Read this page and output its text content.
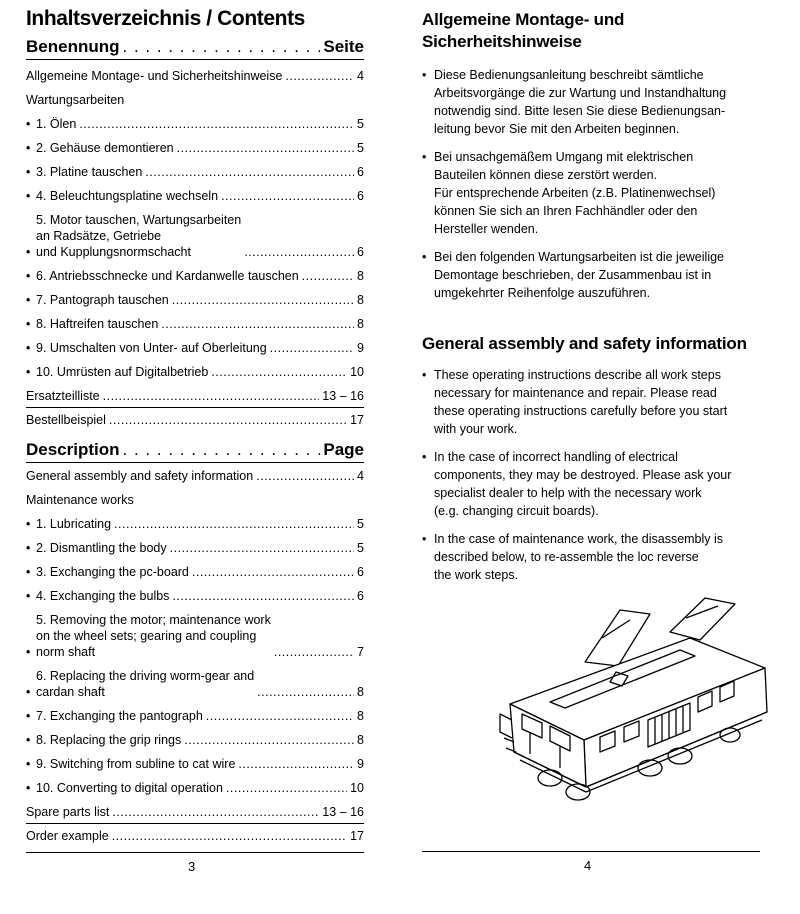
Inhaltsverzeichnis / Contents
Benennung . . .	Seite
Allgemeine Montage- und Sicherheitshinweise .....	4
Wartungsarbeiten
• 1. Ölen .....	5
• 2. Gehäuse demontieren .....	5
• 3. Platine tauschen .....	6
• 4. Beleuchtungsplatine wechseln .....	6
•
5. Motor tauschen, Wartungsarbeiten
an Radsätze, Getriebe
und Kupplungsnormschacht .....	6
• 6. Antriebsschnecke und Kardanwelle tauschen .....	8
• 7. Pantograph tauschen .....	8
• 8. Haftreifen tauschen .....	8
• 9. Umschalten von Unter- auf Oberleitung .....	9
• 10. Umrüsten auf Digitalbetrieb .....	10
Ersatzteilliste .....	13 – 16
Bestellbeispiel .....	17
Description . . .	Page
General assembly and safety information .....	4
Maintenance works
• 1. Lubricating .....	5
• 2. Dismantling the body .....	5
• 3. Exchanging the pc-board .....	6
• 4. Exchanging the bulbs .....	6
•
5. Removing the motor; maintenance work
on the wheel sets; gearing and coupling
norm shaft .....	7
•
6. Replacing the driving worm-gear and
cardan shaft .....	8
• 7. Exchanging the pantograph .....	8
• 8. Replacing the grip rings .....	8
• 9. Switching from subline to cat wire .....	9
• 10. Converting to digital operation .....	10
Spare parts list .....	13 – 16
Order example .....	17
3
Allgemeine Montage- und
Sicherheitshinweise
• Diese Bedienungsanleitung beschreibt sämtliche
Arbeitsvorgänge die zur Wartung und Instandhaltung
notwendig sind. Bitte lesen Sie diese Bedienungsan-
leitung bevor Sie mit den Arbeiten beginnen.
• Bei unsachgemäßem Umgang mit elektrischen
Bauteilen können diese zerstört werden.
Für entsprechende Arbeiten (z.B. Platinenwechsel)
können Sie sich an Ihren Fachhändler oder den
Hersteller wenden.
• Bei den folgenden Wartungsarbeiten ist die jeweilige
Demontage beschrieben, der Zusammenbau ist in
umgekehrter Reihenfolge auszuführen.
General assembly and safety information
• These operating instructions describe all work steps
necessary for maintenance and repair. Please read
these operating instructions carefully before you start
with your work.
• In the case of incorrect handling of electrical
components, they may be destroyed. Please ask your
specialist dealer to help with the necessary work
(e.g. changing circuit boards).
• In the case of maintenance work, the disassembly is
described below, to re-assemble the loc reverse
the work steps.
4
